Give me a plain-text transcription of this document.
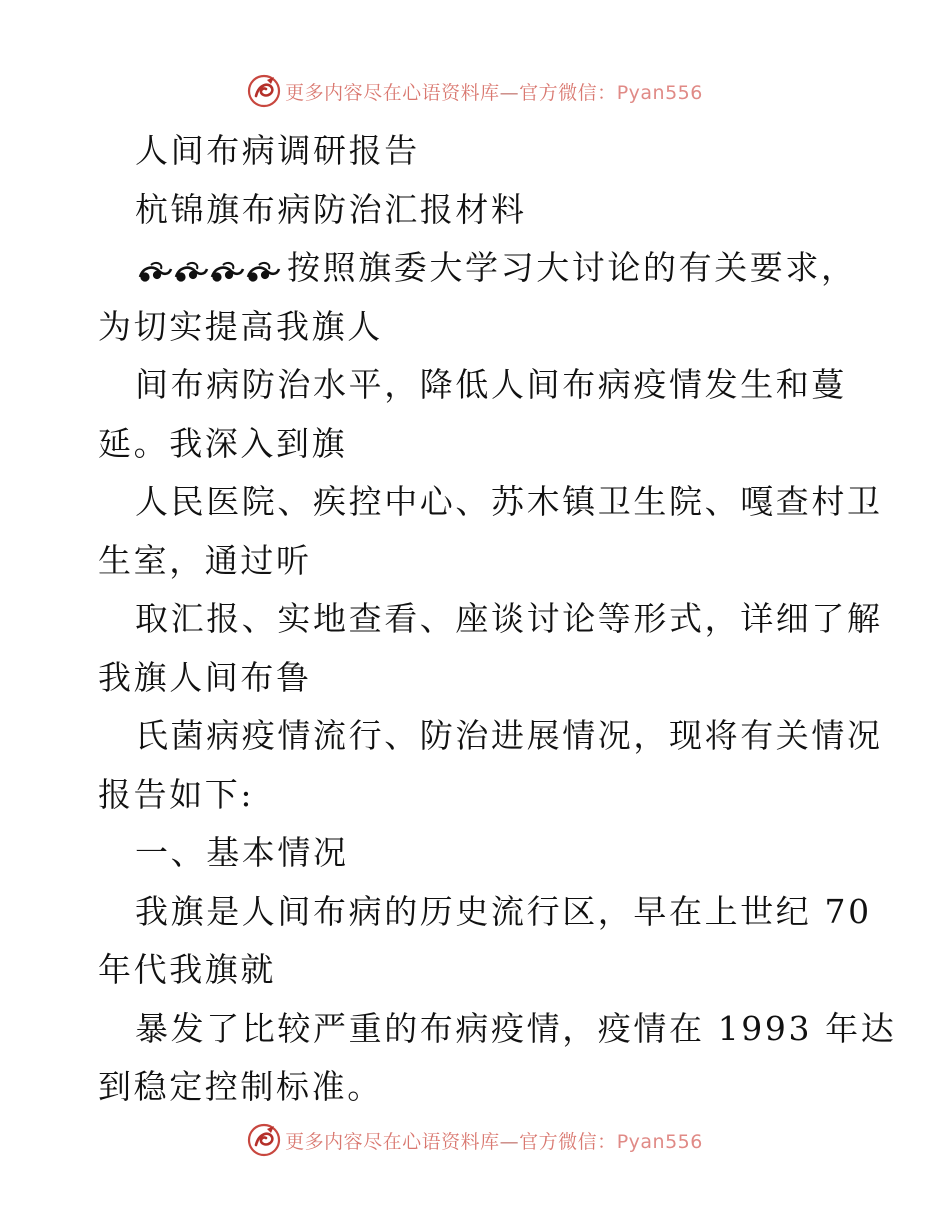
更多内容尽在心语资料库—官方微信：Pyan556
人间布病调研报告
杭锦旗布病防治汇报材料
按照旗委大学习大讨论的有关要求，
为切实提高我旗人
间布病防治水平，降低人间布病疫情发生和蔓
延。我深入到旗
人民医院、疾控中心、苏木镇卫生院、嘎查村卫
生室，通过听
取汇报、实地查看、座谈讨论等形式，详细了解
我旗人间布鲁
氏菌病疫情流行、防治进展情况，现将有关情况
报告如下:
一、基本情况
我旗是人间布病的历史流行区，早在上世纪 70
年代我旗就
暴发了比较严重的布病疫情，疫情在 1993 年达
到稳定控制标准。
更多内容尽在心语资料库—官方微信：Pyan556
